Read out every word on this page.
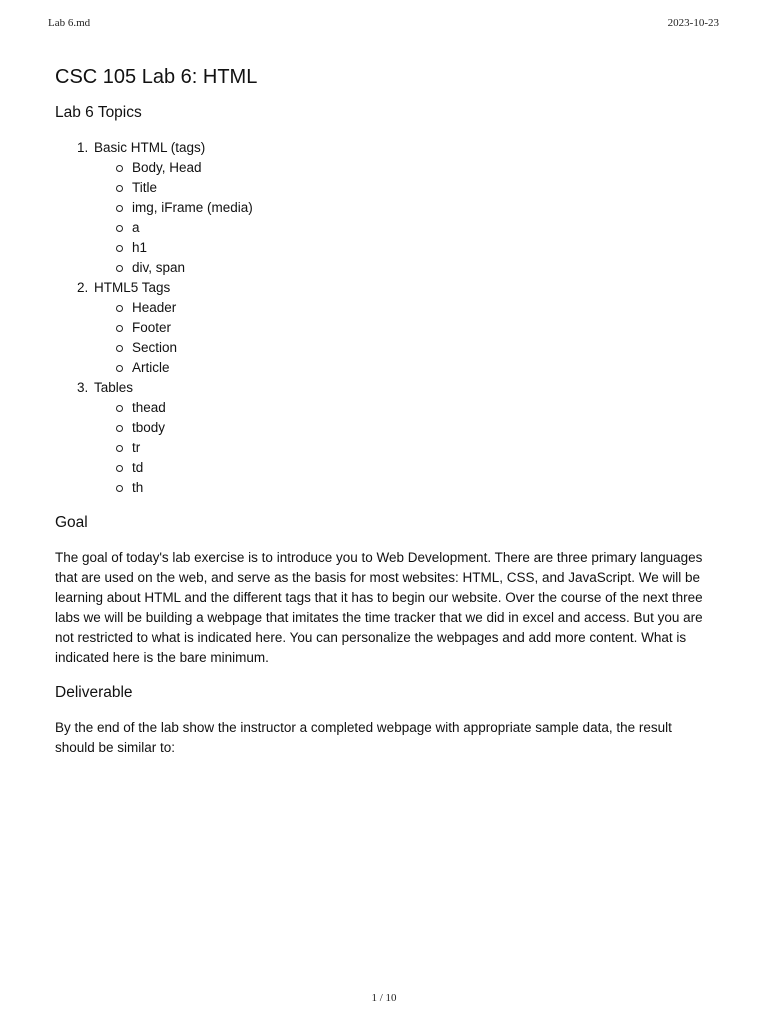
Lab 6.md	2023-10-23
CSC 105 Lab 6: HTML
Lab 6 Topics
1. Basic HTML (tags)
Body, Head
Title
img, iFrame (media)
a
h1
div, span
2. HTML5 Tags
Header
Footer
Section
Article
3. Tables
thead
tbody
tr
td
th
Goal

The goal of today's lab exercise is to introduce you to Web Development. There are three primary languages that are used on the web, and serve as the basis for most websites: HTML, CSS, and JavaScript. We will be learning about HTML and the different tags that it has to begin our website. Over the course of the next three labs we will be building a webpage that imitates the time tracker that we did in excel and access. But you are not restricted to what is indicated here. You can personalize the webpages and add more content. What is indicated here is the bare minimum.

Deliverable

By the end of the lab show the instructor a completed webpage with appropriate sample data, the result should be similar to:

1 / 10
